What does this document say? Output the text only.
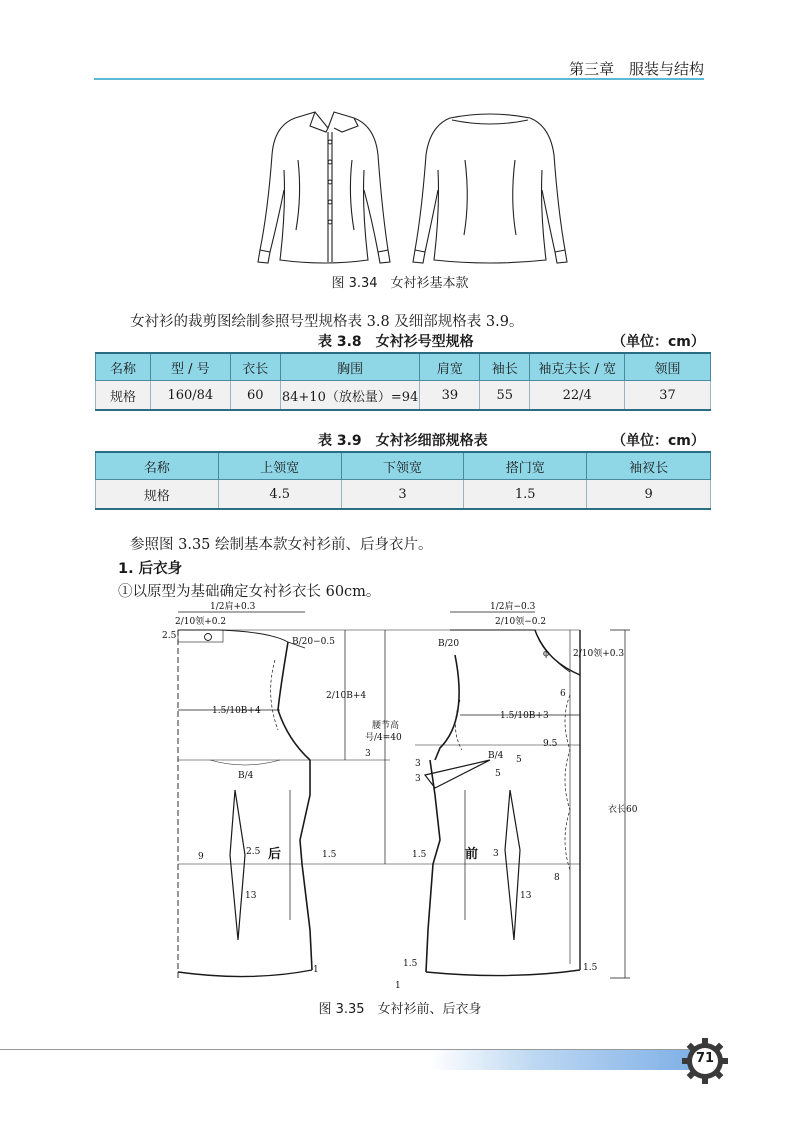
第三章　服装与结构
图 3.34　女衬衫基本款
女衬衫的裁剪图绘制参照号型规格表 3.8 及细部规格表 3.9。
表 3.8　女衬衫号型规格	（单位：cm）
名称	型 / 号	衣长	胸围	肩宽	袖长	袖克夫长 / 宽	领围
规格	160/84	60	84+10（放松量）=94	39	55	22/4	37
表 3.9　女衬衫细部规格表	（单位：cm）
名称	上领宽	下领宽	搭门宽	袖衩长
规格	4.5	3	1.5	9
参照图 3.35 绘制基本款女衬衫前、后身衣片。
1. 后衣身
①以原型为基础确定女衬衫衣长 60cm。
1/2肩+0.3	1/2肩−0.3
2/10领+0.2	2/10领−0.2
2/10领+0.3
B/20−0.5	B/20
2/10B+4
1.5/10B+4	1.5/10B+3
腰节高
号/4=40
B/4
B/4
9.5
衣长60
ϕ
6
8
2.5
2.5
3
3
3
3
5
5
9
13	13
1.5	1.5
1.5	1.5
1
1
后	前
图 3.35　女衬衫前、后衣身
71
